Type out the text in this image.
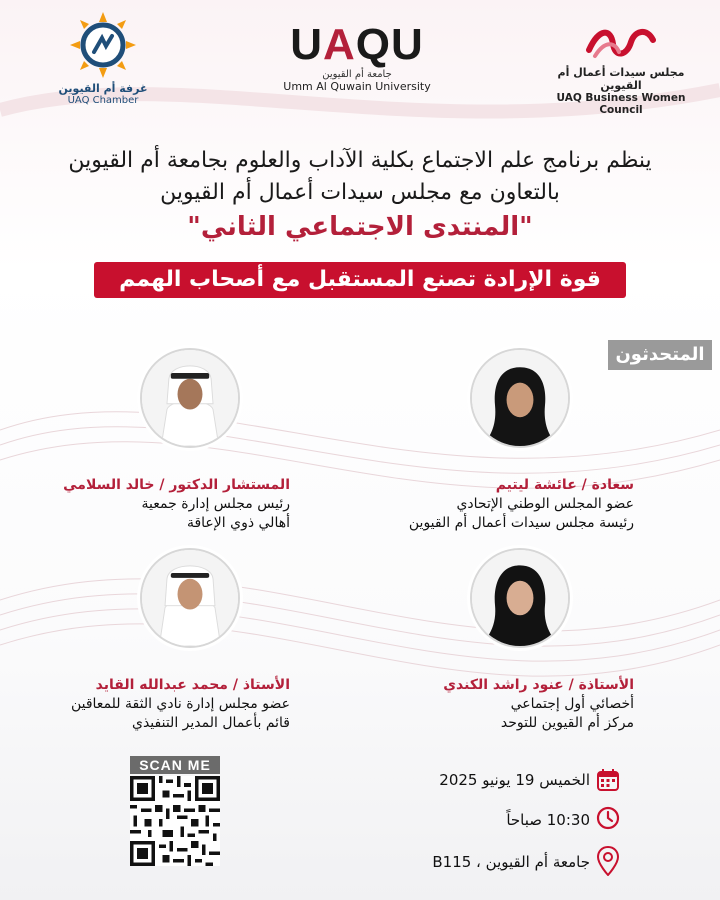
غرفة أم القيوين
UAQ Chamber
UAQU
جامعة أم القيوين
Umm Al Quwain University
مجلس سيدات أعمال أم القيوين
UAQ Business Women Council
ينظم برنامج علم الاجتماع بكلية الآداب والعلوم بجامعة أم القيوين
بالتعاون مع مجلس سيدات أعمال أم القيوين
"المنتدى الاجتماعي الثاني"
قوة الإرادة تصنع المستقبل مع أصحاب الهمم
المتحدثون
سعادة / عائشة ليتيم
عضو المجلس الوطني الإتحادي
رئيسة مجلس سيدات أعمال أم القيوين
المستشار الدكتور / خالد السلامي
رئيس مجلس إدارة جمعية
أهالي ذوي الإعاقة
الأستاذة / عنود راشد الكندي
أخصائي أول إجتماعي
مركز أم القيوين للتوحد
الأستاذ / محمد عبدالله القايد
عضو مجلس إدارة نادي الثقة للمعاقين
قائم بأعمال المدير التنفيذي
SCAN ME
الخميس 19 يونيو 2025
10:30 صباحاً
جامعة أم القيوين ، B115
